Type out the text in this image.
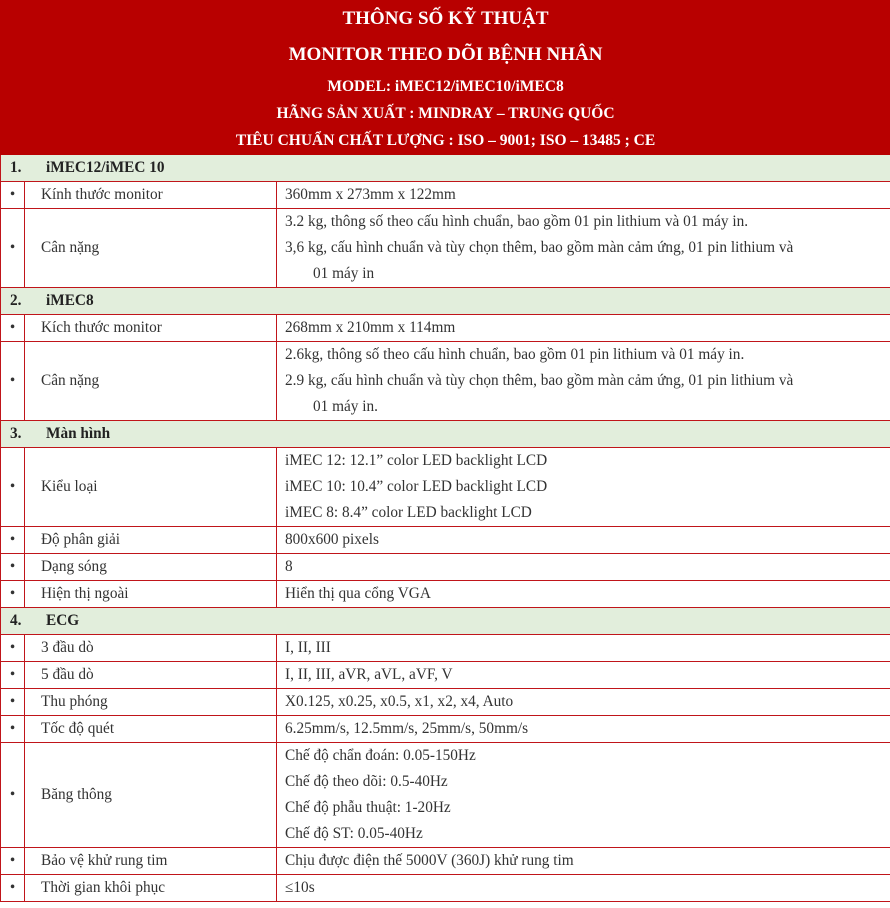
THÔNG SỐ KỸ THUẬT
MONITOR THEO DÕI BỆNH NHÂN
MODEL: iMEC12/iMEC10/iMEC8
HÃNG SẢN XUẤT : MINDRAY – TRUNG QUỐC
TIÊU CHUẨN CHẤT LƯỢNG : ISO – 9001; ISO – 13485 ; CE		

1. iMEC12/iMEC 10		
•	Kính thước monitor	360mm x 273mm x 122mm

•	Cân nặng	3.2 kg, thông số theo cấu hình chuẩn, bao gồm 01 pin lithium và 01 máy in.
3,6 kg, cấu hình chuẩn và tùy chọn thêm, bao gồm màn cảm ứng, 01 pin lithium và
01 máy in

2. iMEC8		
•	Kích thước monitor	268mm x 210mm x 114mm

•	Cân nặng	2.6kg, thông số theo cấu hình chuẩn, bao gồm 01 pin lithium và 01 máy in.
2.9 kg, cấu hình chuẩn và tùy chọn thêm, bao gồm màn cảm ứng, 01 pin lithium và
01 máy in.

3. Màn hình		
•	Kiểu loại	iMEC 12: 12.1” color LED backlight LCD
iMEC 10: 10.4” color LED backlight LCD
iMEC 8: 8.4” color LED backlight LCD

•	Độ phân giải	800x600 pixels

•	Dạng sóng	8

•	Hiện thị ngoài	Hiển thị qua cổng VGA

4. ECG		
•	3 đầu dò	I, II, III

•	5 đầu dò	I, II, III, aVR, aVL, aVF, V

•	Thu phóng	X0.125, x0.25, x0.5, x1, x2, x4, Auto

•	Tốc độ quét	6.25mm/s, 12.5mm/s, 25mm/s, 50mm/s

•	Băng thông	Chế độ chẩn đoán: 0.05-150Hz
Chế độ theo dõi: 0.5-40Hz
Chế độ phẫu thuật: 1-20Hz
Chế độ ST: 0.05-40Hz

•	Bảo vệ khử rung tim	Chịu được điện thế 5000V (360J) khử rung tim

•	Thời gian khôi phục	≤10s
